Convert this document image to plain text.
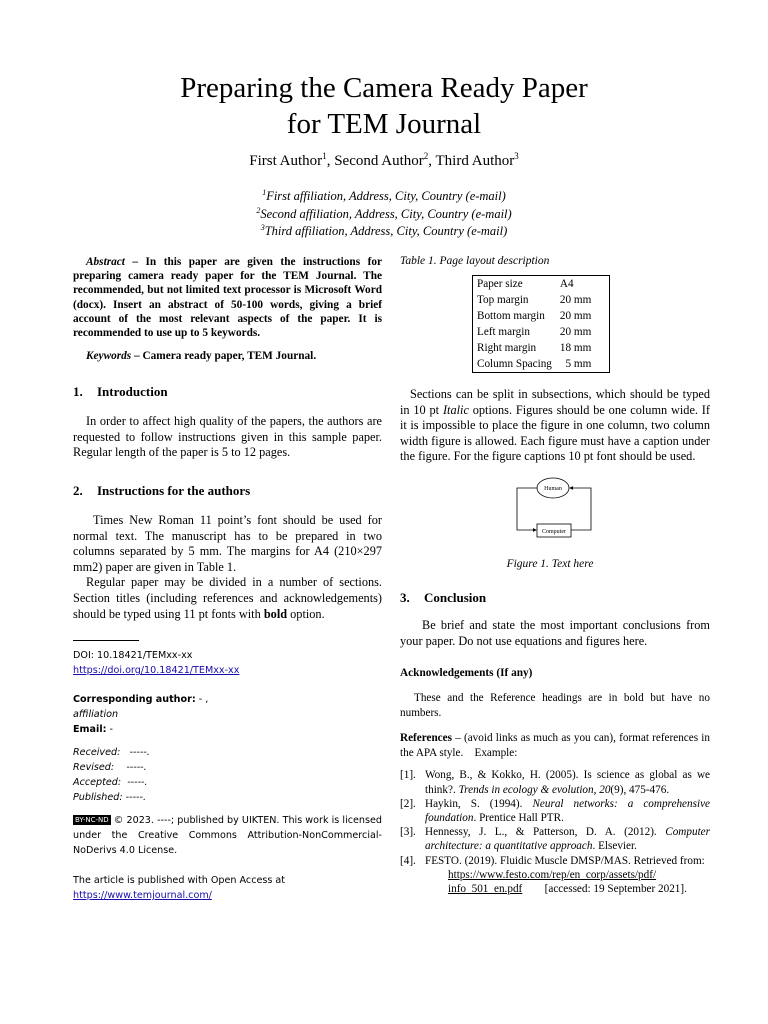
Preparing the Camera Ready Paper
for TEM Journal
First Author$^1$, Second Author$^2$, Third Author$^3$
$^1$First affiliation, Address, City, Country (e-mail)
$^2$Second affiliation, Address, City, Country (e-mail)
$^3$Third affiliation, Address, City, Country (e-mail)

Abstract – In this paper are given the instructions for preparing camera ready paper for the TEM Journal. The recommended, but not limited text processor is Microsoft Word (docx). Insert an abstract of 50-100 words, giving a brief account of the most relevant aspects of the paper. It is recommended to use up to 5 keywords.

Keywords – Camera ready paper, TEM Journal.

1. Introduction

In order to affect high quality of the papers, the authors are requested to follow instructions given in this sample paper. Regular length of the paper is 5 to 12 pages.

2. Instructions for the authors

Times New Roman 11 point’s font should be used for normal text. The manuscript has to be prepared in two columns separated by 5 mm. The margins for A4 (210×297 mm2) paper are given in Table 1.

Regular paper may be divided in a number of sections. Section titles (including references and acknowledgements) should be typed using 11 pt fonts with bold option.

DOI: 10.18421/TEMxx-xx

https://doi.org/10.18421/TEMxx-xx

Corresponding author: - ,

affiliation

Email: -

Received:   -----.

Revised:    -----.

Accepted:  -----.

Published: -----.

BY-NC-ND © 2023. ----; published by UIKTEN. This work is licensed under the Creative Commons Attribution-NonCommercial-NoDerivs 4.0 License.

The article is published with Open Access at

https://www.temjournal.com/

Table 1. Page layout description

Paper size	A4
Top margin	20 mm
Bottom margin	20 mm
Left margin	20 mm
Right margin	18 mm
Column Spacing	5 mm

Sections can be split in subsections, which should be typed in 10 pt Italic options. Figures should be one column wide. If it is impossible to place the figure in one column, two column width figure is allowed. Each figure must have a caption under the figure. For the figure captions 10 pt font should be used.

Human
Computer

Figure 1. Text here

3. Conclusion

Be brief and state the most important conclusions from your paper. Do not use equations and figures here.

Acknowledgements (If any)

These and the Reference headings are in bold but have no numbers.

References – (avoid links as much as you can), format references in the APA style.    Example:

[1]. Wong, B., & Kokko, H. (2005). Is science as global as we think?. Trends in ecology & evolution, 20(9), 475-476.
[2]. Haykin, S. (1994). Neural networks: a comprehensive foundation. Prentice Hall PTR.
[3]. Hennessy, J. L., & Patterson, D. A. (2012). Computer architecture: a quantitative approach. Elsevier.
[4]. FESTO. (2019). Fluidic Muscle DMSP/MAS. Retrieved from:

https://www.festo.com/rep/en_corp/assets/pdf/
info_501_en.pdf [accessed: 19 September 2021].
